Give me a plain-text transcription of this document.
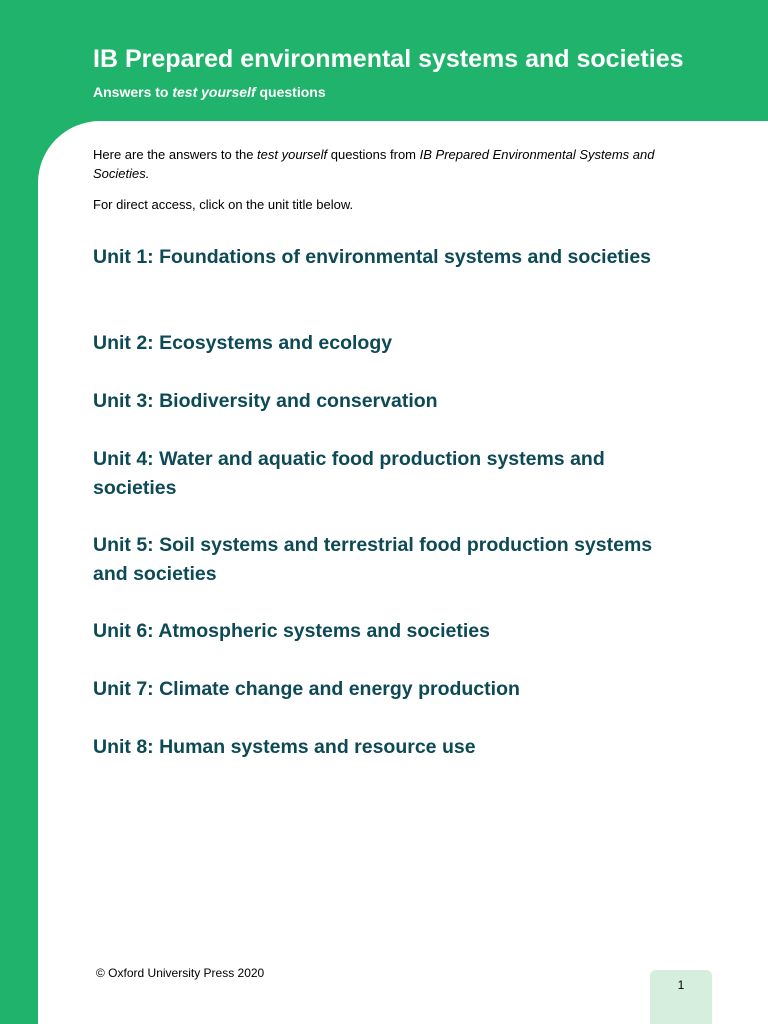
IB Prepared environmental systems and societies

Answers to test yourself questions

Here are the answers to the test yourself questions from IB Prepared Environmental Systems and Societies.

For direct access, click on the unit title below.

Unit 1: Foundations of environmental systems and societies
Unit 2: Ecosystems and ecology
Unit 3: Biodiversity and conservation
Unit 4: Water and aquatic food production systems and societies
Unit 5: Soil systems and terrestrial food production systems and societies
Unit 6: Atmospheric systems and societies
Unit 7: Climate change and energy production
Unit 8: Human systems and resource use

© Oxford University Press 2020

1
